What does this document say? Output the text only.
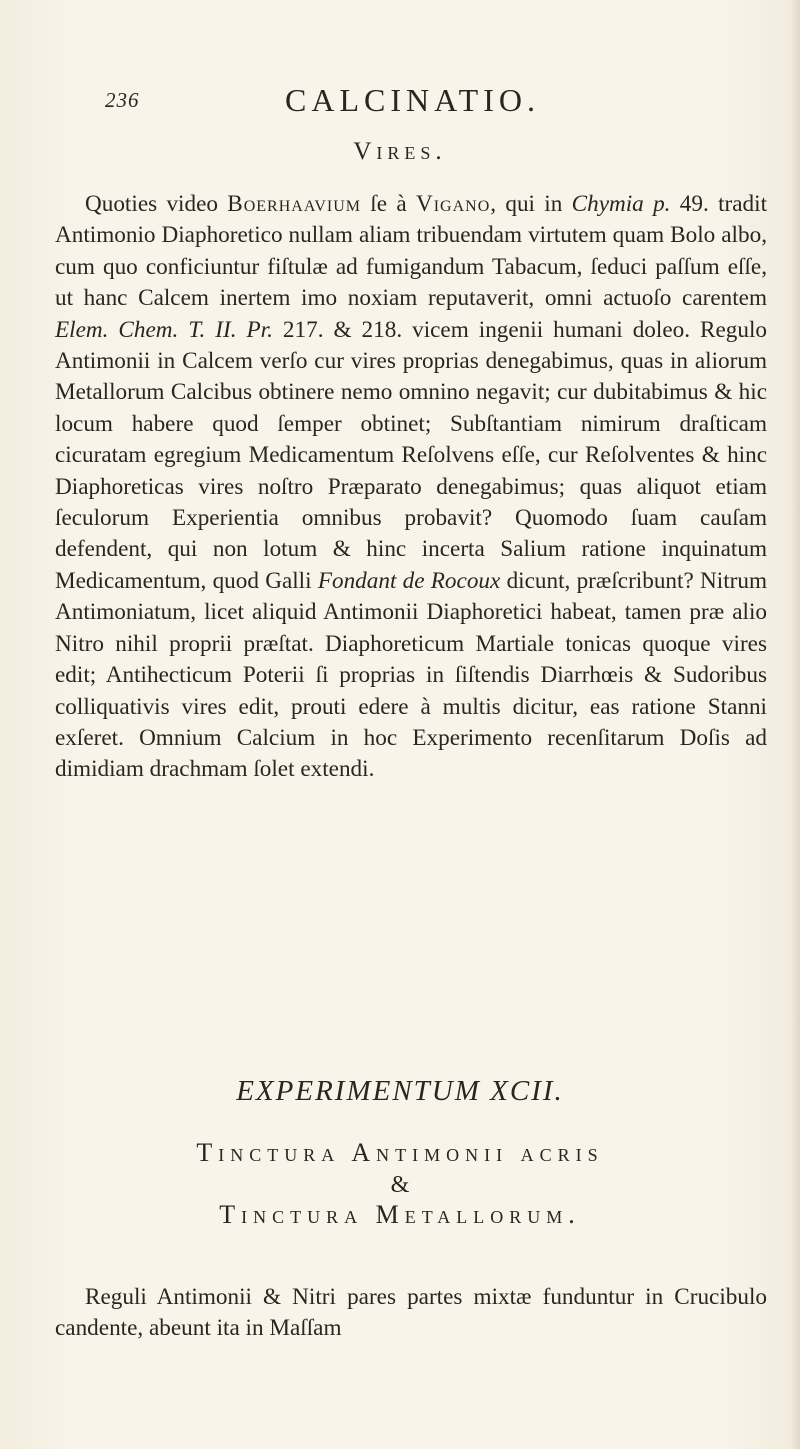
236	CALCINATIO.
Vires.

Quoties video Boerhaavium ſe à Vigano, qui in Chymia p. 49. tradit Antimonio Diaphoretico nullam aliam tribuendam virtutem quam Bolo albo, cum quo conficiuntur fiſtulæ ad fumigandum Tabacum, ſeduci paſſum eſſe, ut hanc Calcem inertem imo noxiam reputaverit, omni actuoſo carentem Elem. Chem. T. II. Pr. 217. & 218. vicem ingenii humani doleo. Regulo Antimonii in Calcem verſo cur vires proprias denegabimus, quas in aliorum Metallorum Calcibus obtinere nemo omnino negavit; cur dubitabimus & hic locum habere quod ſemper obtinet; Subſtantiam nimirum draſticam cicuratam egregium Medicamentum Reſolvens eſſe, cur Reſolventes & hinc Diaphoreticas vires noſtro Præparato denegabimus; quas aliquot etiam ſeculorum Experientia omnibus probavit? Quomodo ſuam cauſam defendent, qui non lotum & hinc incerta Salium ratione inquinatum Medicamentum, quod Galli Fondant de Rocoux dicunt, præſcribunt? Nitrum Antimoniatum, licet aliquid Antimonii Diaphoretici habeat, tamen præ alio Nitro nihil proprii præſtat. Diaphoreticum Martiale tonicas quoque vires edit; Antihecticum Poterii ſi proprias in ſiſtendis Diarrhœis & Sudoribus colliquativis vires edit, prouti edere à multis dicitur, eas ratione Stanni exſeret. Omnium Calcium in hoc Experimento recenſitarum Doſis ad dimidiam drachmam ſolet extendi.

EXPERIMENTUM XCII.
Tinctura Antimonii acris
&
Tinctura Metallorum.

Reguli Antimonii & Nitri pares partes mixtæ funduntur in Crucibulo candente, abeunt ita in Maſſam
